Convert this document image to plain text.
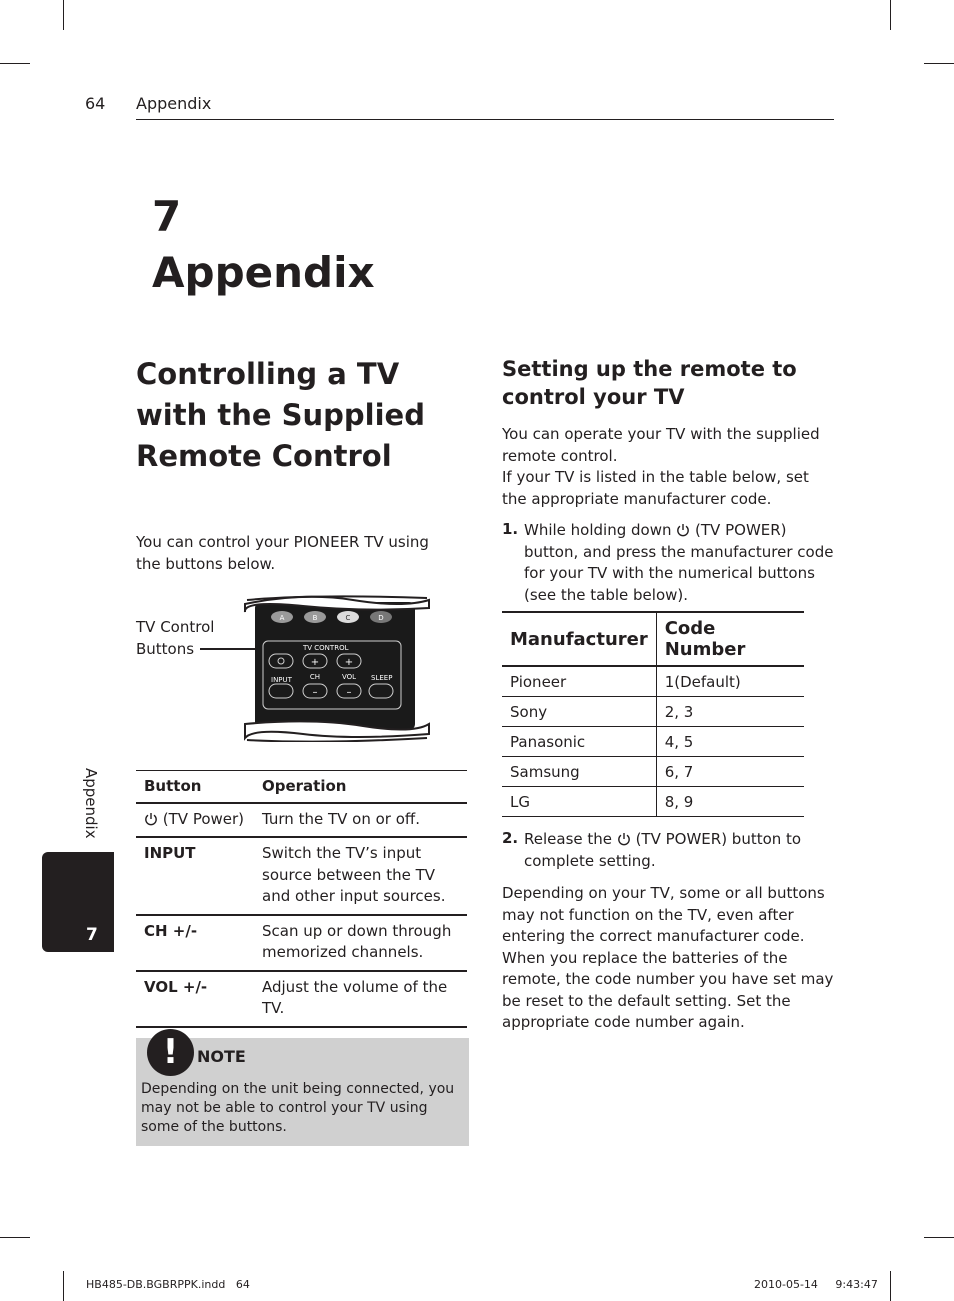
64 Appendix
7
Appendix
Controlling a TV with the Supplied Remote Control
You can control your PIONEER TV using the buttons below.
TV Control
Buttons
A	B	C	D
TV CONTROL
+	+
INPUT	CH	VOL SLEEP
–	–
Button	Operation
(TV Power)	Turn the TV on or off.
INPUT	Switch the TV’s input source between the TV and other input sources.
CH +/-	Scan up or down through memorized channels.
VOL +/-	Adjust the volume of the TV.
!	NOTE
Depending on the unit being connected, you may not be able to control your TV using some of the buttons.
Appendix
7
Setting up the remote to control your TV
You can operate your TV with the supplied remote control.
If your TV is listed in the table below, set the appropriate manufacturer code.
1. While holding down (TV POWER) button, and press the manufacturer code for your TV with the numerical buttons (see the table below).
Manufacturer	Code Number
Pioneer	1(Default)
Sony	2, 3
Panasonic	4, 5
Samsung	6, 7
LG	8, 9
2. Release the (TV POWER) button to complete setting.
Depending on your TV, some or all buttons may not function on the TV, even after entering the correct manufacturer code. When you replace the batteries of the remote, the code number you have set may be reset to the default setting. Set the appropriate code number again.
HB485-DB.BGBRPPK.indd   64	2010-05-14     9:43:47
